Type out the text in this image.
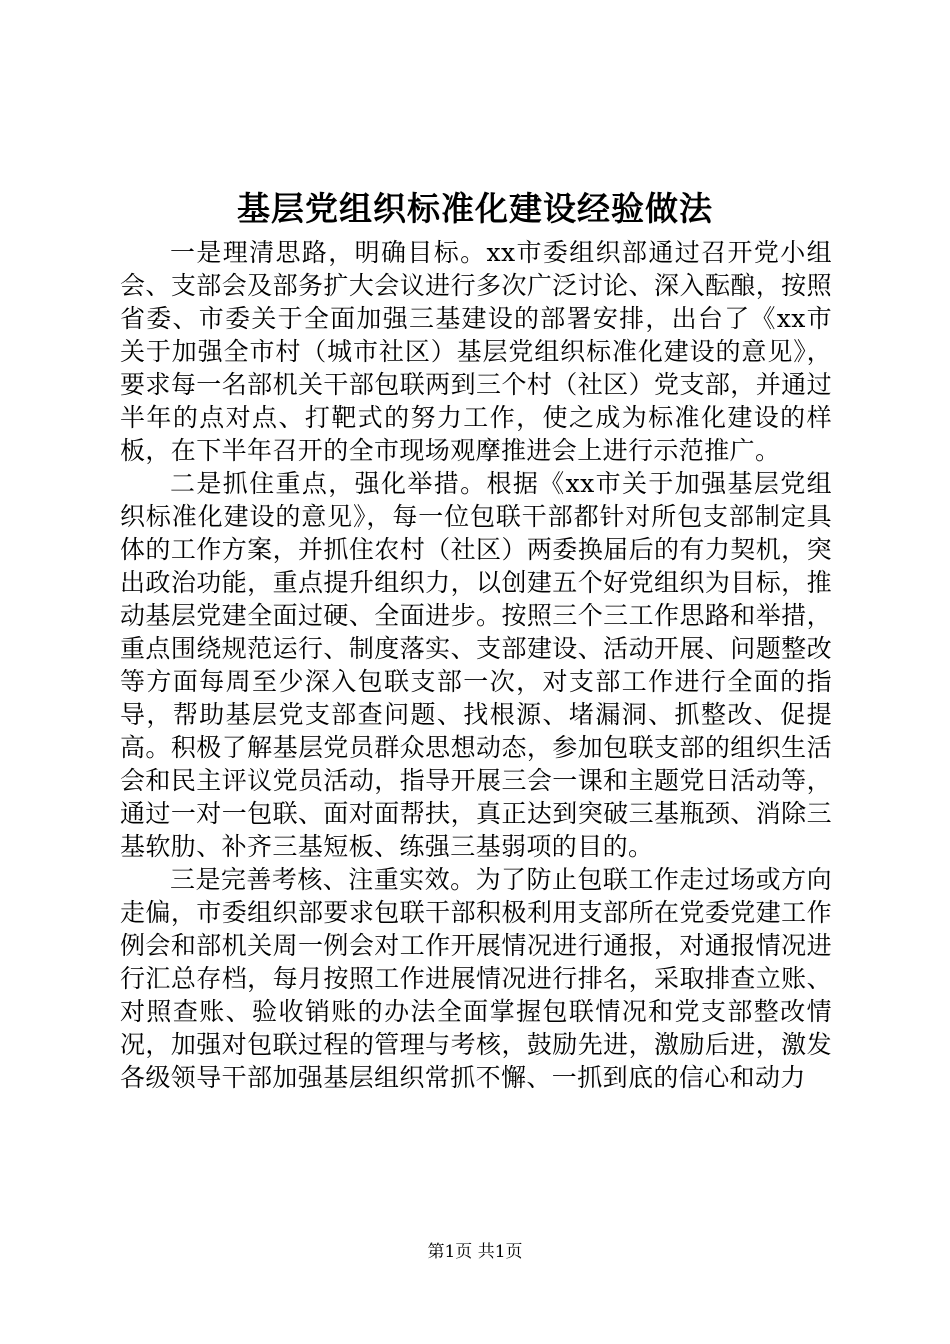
基层党组织标准化建设经验做法

一是理清思路，明确目标。xx市委组织部通过召开党小组会、支部会及部务扩大会议进行多次广泛讨论、深入酝酿，按照省委、市委关于全面加强三基建设的部署安排，出台了《xx市关于加强全市村（城市社区）基层党组织标准化建设的意见》，要求每一名部机关干部包联两到三个村（社区）党支部，并通过半年的点对点、打靶式的努力工作，使之成为标准化建设的样板，在下半年召开的全市现场观摩推进会上进行示范推广。

二是抓住重点，强化举措。根据《xx市关于加强基层党组织标准化建设的意见》，每一位包联干部都针对所包支部制定具体的工作方案，并抓住农村（社区）两委换届后的有力契机，突出政治功能，重点提升组织力，以创建五个好党组织为目标，推动基层党建全面过硬、全面进步。按照三个三工作思路和举措，重点围绕规范运行、制度落实、支部建设、活动开展、问题整改等方面每周至少深入包联支部一次，对支部工作进行全面的指导，帮助基层党支部查问题、找根源、堵漏洞、抓整改、促提高。积极了解基层党员群众思想动态，参加包联支部的组织生活会和民主评议党员活动，指导开展三会一课和主题党日活动等，通过一对一包联、面对面帮扶，真正达到突破三基瓶颈、消除三基软肋、补齐三基短板、练强三基弱项的目的。

三是完善考核、注重实效。为了防止包联工作走过场或方向走偏，市委组织部要求包联干部积极利用支部所在党委党建工作例会和部机关周一例会对工作开展情况进行通报，对通报情况进行汇总存档，每月按照工作进展情况进行排名，采取排查立账、对照查账、验收销账的办法全面掌握包联情况和党支部整改情况，加强对包联过程的管理与考核，鼓励先进，激励后进，激发各级领导干部加强基层组织常抓不懈、一抓到底的信心和动力

第1页 共1页
